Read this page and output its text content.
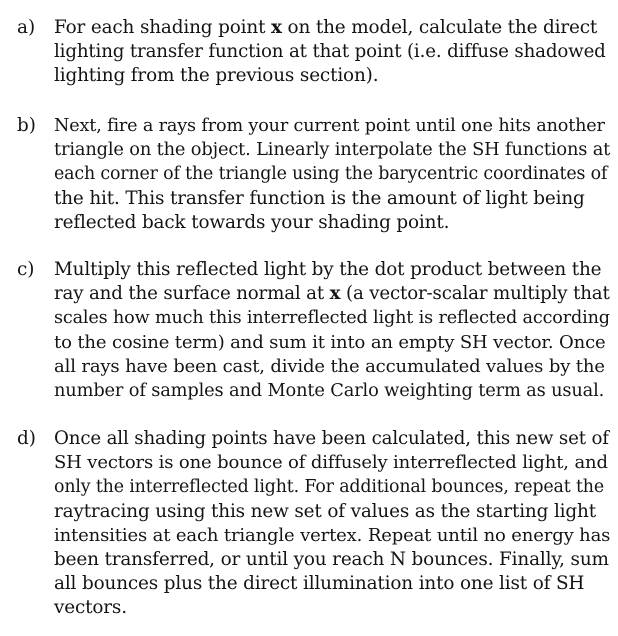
a) For each shading point x on the model, calculate the direct
lighting transfer function at that point (i.e. diffuse shadowed
lighting from the previous section).
b) Next, fire a rays from your current point until one hits another
triangle on the object. Linearly interpolate the SH functions at
each corner of the triangle using the barycentric coordinates of
the hit. This transfer function is the amount of light being
reflected back towards your shading point.
c) Multiply this reflected light by the dot product between the
ray and the surface normal at x (a vector-scalar multiply that
scales how much this interreflected light is reflected according
to the cosine term) and sum it into an empty SH vector. Once
all rays have been cast, divide the accumulated values by the
number of samples and Monte Carlo weighting term as usual.
d) Once all shading points have been calculated, this new set of
SH vectors is one bounce of diffusely interreflected light, and
only the interreflected light. For additional bounces, repeat the
raytracing using this new set of values as the starting light
intensities at each triangle vertex. Repeat until no energy has
been transferred, or until you reach N bounces. Finally, sum
all bounces plus the direct illumination into one list of SH
vectors.
